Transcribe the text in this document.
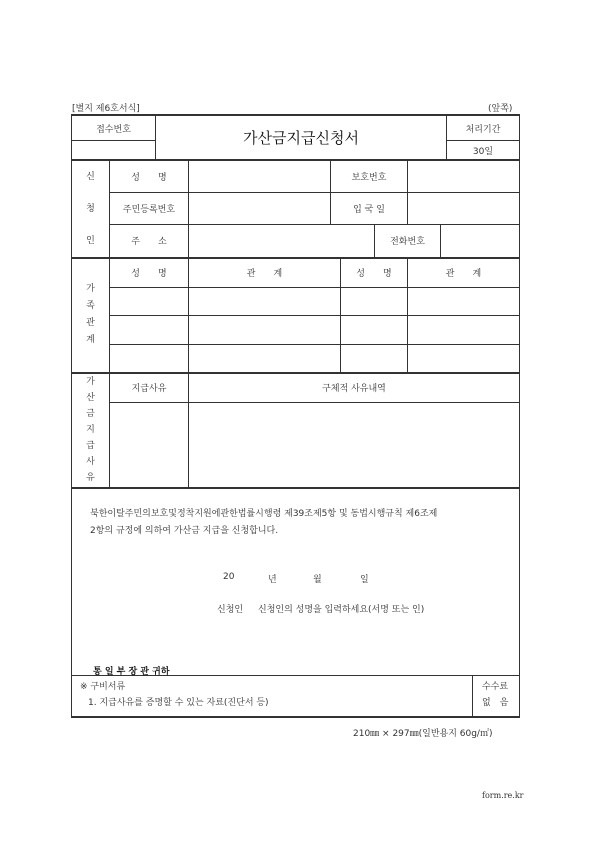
[별지 제6호서식]	(앞쪽)
접수번호	가산금지급신청서	처리기간
30일
신
청
인
성　　명	보호번호
주민등록번호	입 국 일
주　　소	전화번호
가
족
관
계
성　　명	관　　계	성　　명	관　　계
가
산
금
지
급
사
유
지급사유	구체적 사유내역
북한이탈주민의보호및정착지원에관한법률시행령 제39조제5항 및 동법시행규칙 제6조제
2항의 규정에 의하여 가산금 지급을 신청합니다.
20	년	월	일
신청인 신청인의 성명을 입력하세요(서명 또는 인)
통 일 부 장 관 귀하
※ 구비서류
1. 지급사유를 증명할 수 있는 자료(진단서 등)
수수료
없　음
210㎜ × 297㎜(일반용지 60g/㎡)
form.re.kr
